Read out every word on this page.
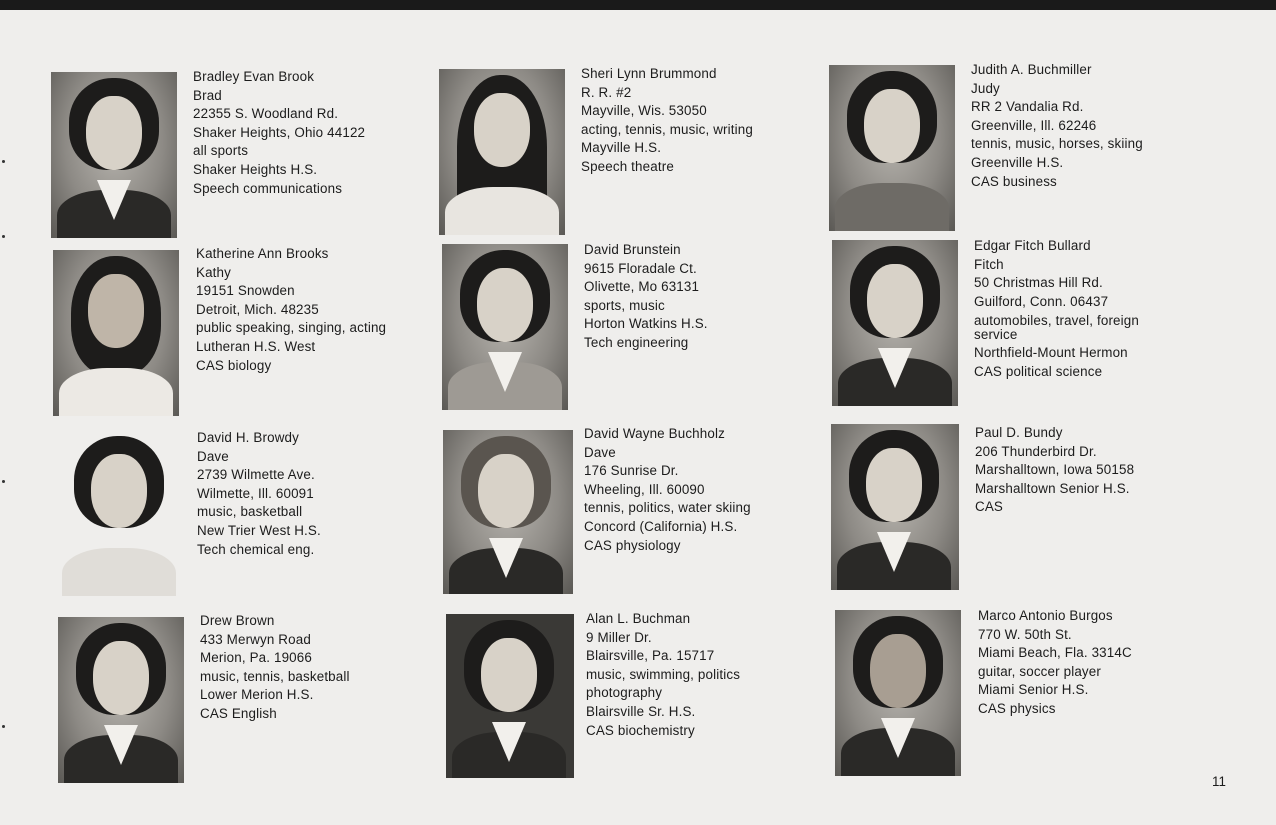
Bradley Evan Brook
Brad
22355 S. Woodland Rd.
Shaker Heights, Ohio 44122
all sports
Shaker Heights H.S.
Speech communications
Sheri Lynn Brummond
R. R. #2
Mayville, Wis. 53050
acting, tennis, music, writing
Mayville H.S.
Speech theatre
Judith A. Buchmiller
Judy
RR 2 Vandalia Rd.
Greenville, Ill. 62246
tennis, music, horses, skiing
Greenville H.S.
CAS business
Katherine Ann Brooks
Kathy
19151 Snowden
Detroit, Mich. 48235
public speaking, singing, acting
Lutheran H.S. West
CAS biology
David Brunstein
9615 Floradale Ct.
Olivette, Mo 63131
sports, music
Horton Watkins H.S.
Tech engineering
Edgar Fitch Bullard
Fitch
50 Christmas Hill Rd.
Guilford, Conn. 06437
automobiles, travel, foreign service
Northfield-Mount Hermon
CAS political science
David H. Browdy
Dave
2739 Wilmette Ave.
Wilmette, Ill. 60091
music, basketball
New Trier West H.S.
Tech chemical eng.
David Wayne Buchholz
Dave
176 Sunrise Dr.
Wheeling, Ill. 60090
tennis, politics, water skiing
Concord (California) H.S.
CAS physiology
Paul D. Bundy
206 Thunderbird Dr.
Marshalltown, Iowa 50158
Marshalltown Senior H.S.
CAS
Drew Brown
433 Merwyn Road
Merion, Pa. 19066
music, tennis, basketball
Lower Merion H.S.
CAS English
Alan L. Buchman
9 Miller Dr.
Blairsville, Pa. 15717
music, swimming, politics
photography
Blairsville Sr. H.S.
CAS biochemistry
Marco Antonio Burgos
770 W. 50th St.
Miami Beach, Fla. 3314C
guitar, soccer player
Miami Senior H.S.
CAS physics
11
